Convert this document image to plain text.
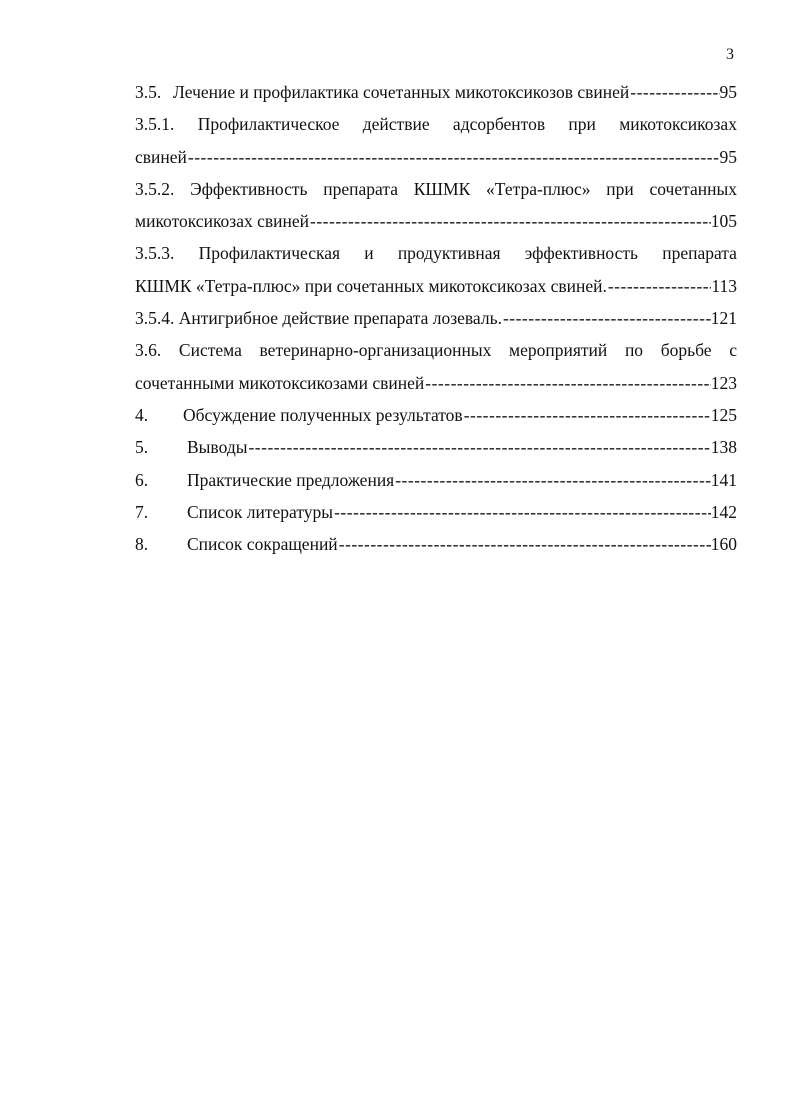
3
3.5. Лечение и профилактика сочетанных микотоксикозов свиней -----	95
3.5.1. Профилактическое действие адсорбентов при микотоксикозах
свиней -----	95
3.5.2. Эффективность препарата КШМК «Тетра-плюс» при сочетанных
микотоксикозах свиней -----	105
3.5.3. Профилактическая и продуктивная эффективность препарата
КШМК «Тетра-плюс» при сочетанных микотоксикозах свиней. -----	113
3.5.4. Антигрибное действие препарата лозеваль. -----	121
3.6. Система ветеринарно-организационных мероприятий по борьбе с
сочетанными микотоксикозами свиней -----	123
4.	Обсуждение полученных результатов -----	125
5.	Выводы -----	138
6.	Практические предложения -----	141
7.	Список литературы -----	142
8.	Список сокращений -----	160
